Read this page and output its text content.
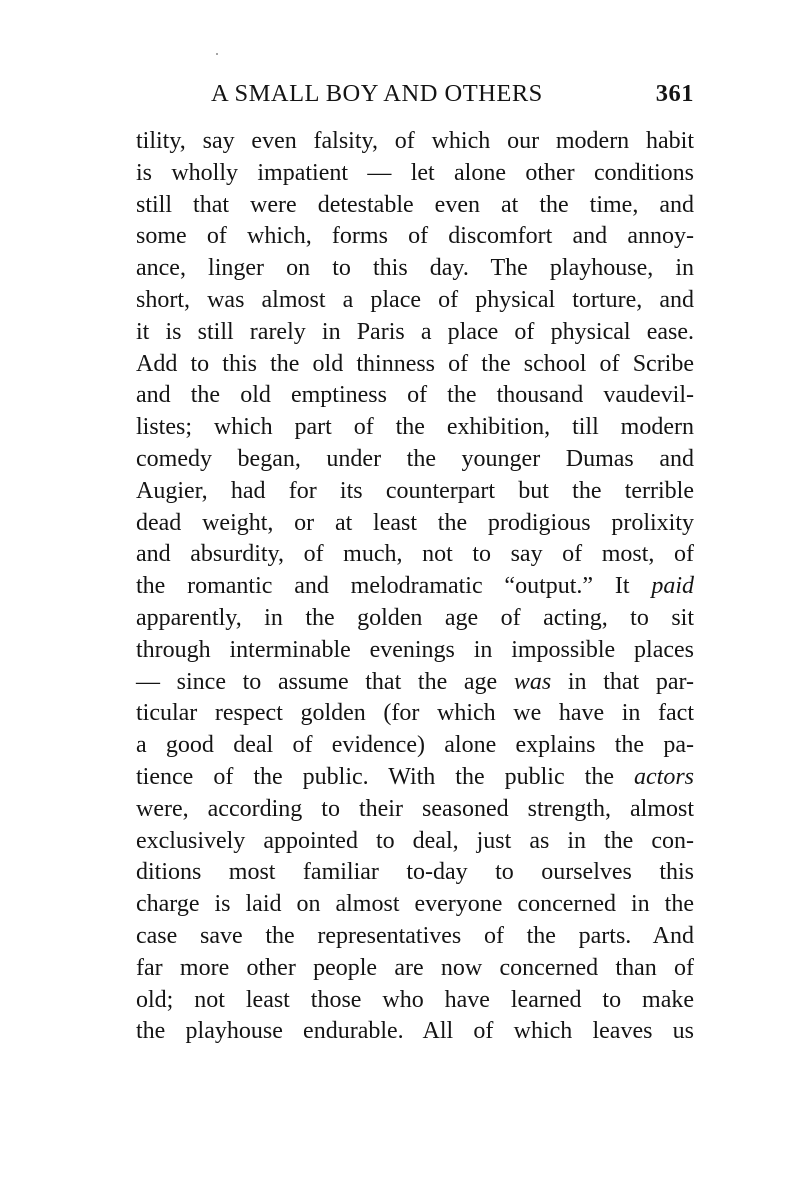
A SMALL BOY AND OTHERS	361
tility, say even falsity, of which our modern habit
is wholly impatient — let alone other conditions
still that were detestable even at the time, and
some of which, forms of discomfort and annoy-
ance, linger on to this day. The playhouse, in
short, was almost a place of physical torture, and
it is still rarely in Paris a place of physical ease.
Add to this the old thinness of the school of Scribe
and the old emptiness of the thousand vaudevil-
listes; which part of the exhibition, till modern
comedy began, under the younger Dumas and
Augier, had for its counterpart but the terrible
dead weight, or at least the prodigious prolixity
and absurdity, of much, not to say of most, of
the romantic and melodramatic “output.” It paid
apparently, in the golden age of acting, to sit
through interminable evenings in impossible places
— since to assume that the age was in that par-
ticular respect golden (for which we have in fact
a good deal of evidence) alone explains the pa-
tience of the public. With the public the actors
were, according to their seasoned strength, almost
exclusively appointed to deal, just as in the con-
ditions most familiar to-day to ourselves this
charge is laid on almost everyone concerned in the
case save the representatives of the parts. And
far more other people are now concerned than of
old; not least those who have learned to make
the playhouse endurable. All of which leaves us
